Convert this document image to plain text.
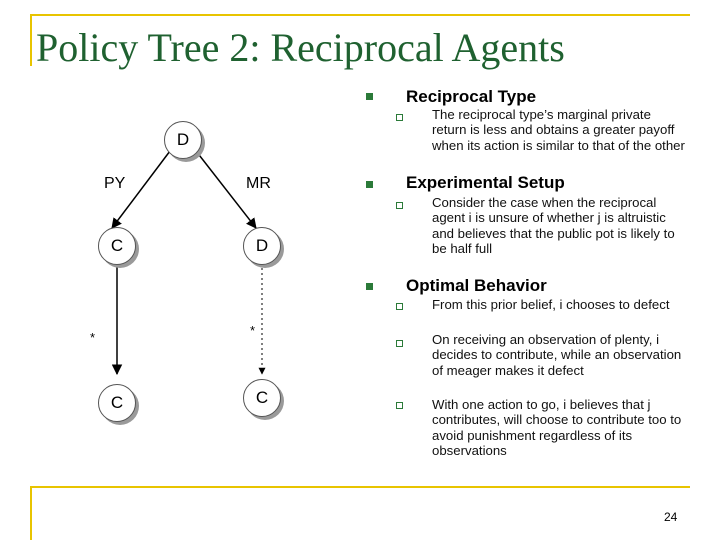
Policy Tree 2: Reciprocal Agents
D
PY	MR
C	D
*	*
C	C
Reciprocal Type
The reciprocal type’s marginal private return is less and obtains a greater payoff when its action is similar to that of the other
Experimental Setup
Consider the case when the reciprocal agent i is unsure of whether j is altruistic and believes that the public pot is likely to be half full
Optimal Behavior
From this prior belief, i chooses to defect
On receiving an observation of plenty, i decides to contribute, while an observation of meager makes it defect
With one action to go, i believes that j contributes, will choose to contribute too to avoid punishment regardless of its observations
24
